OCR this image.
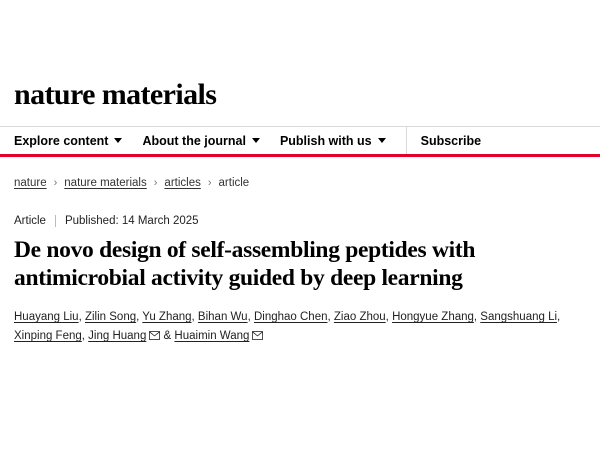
nature materials
Explore content	About the journal	Publish with us	Subscribe
nature › nature materials › articles › article
Article Published: 14 March 2025
De novo design of self-assembling peptides with antimicrobial activity guided by deep learning
Huayang Liu, Zilin Song, Yu Zhang, Bihan Wu, Dinghao Chen, Ziao Zhou, Hongyue Zhang, Sangshuang Li, Xinping Feng, Jing Huang
& Huaimin Wang
